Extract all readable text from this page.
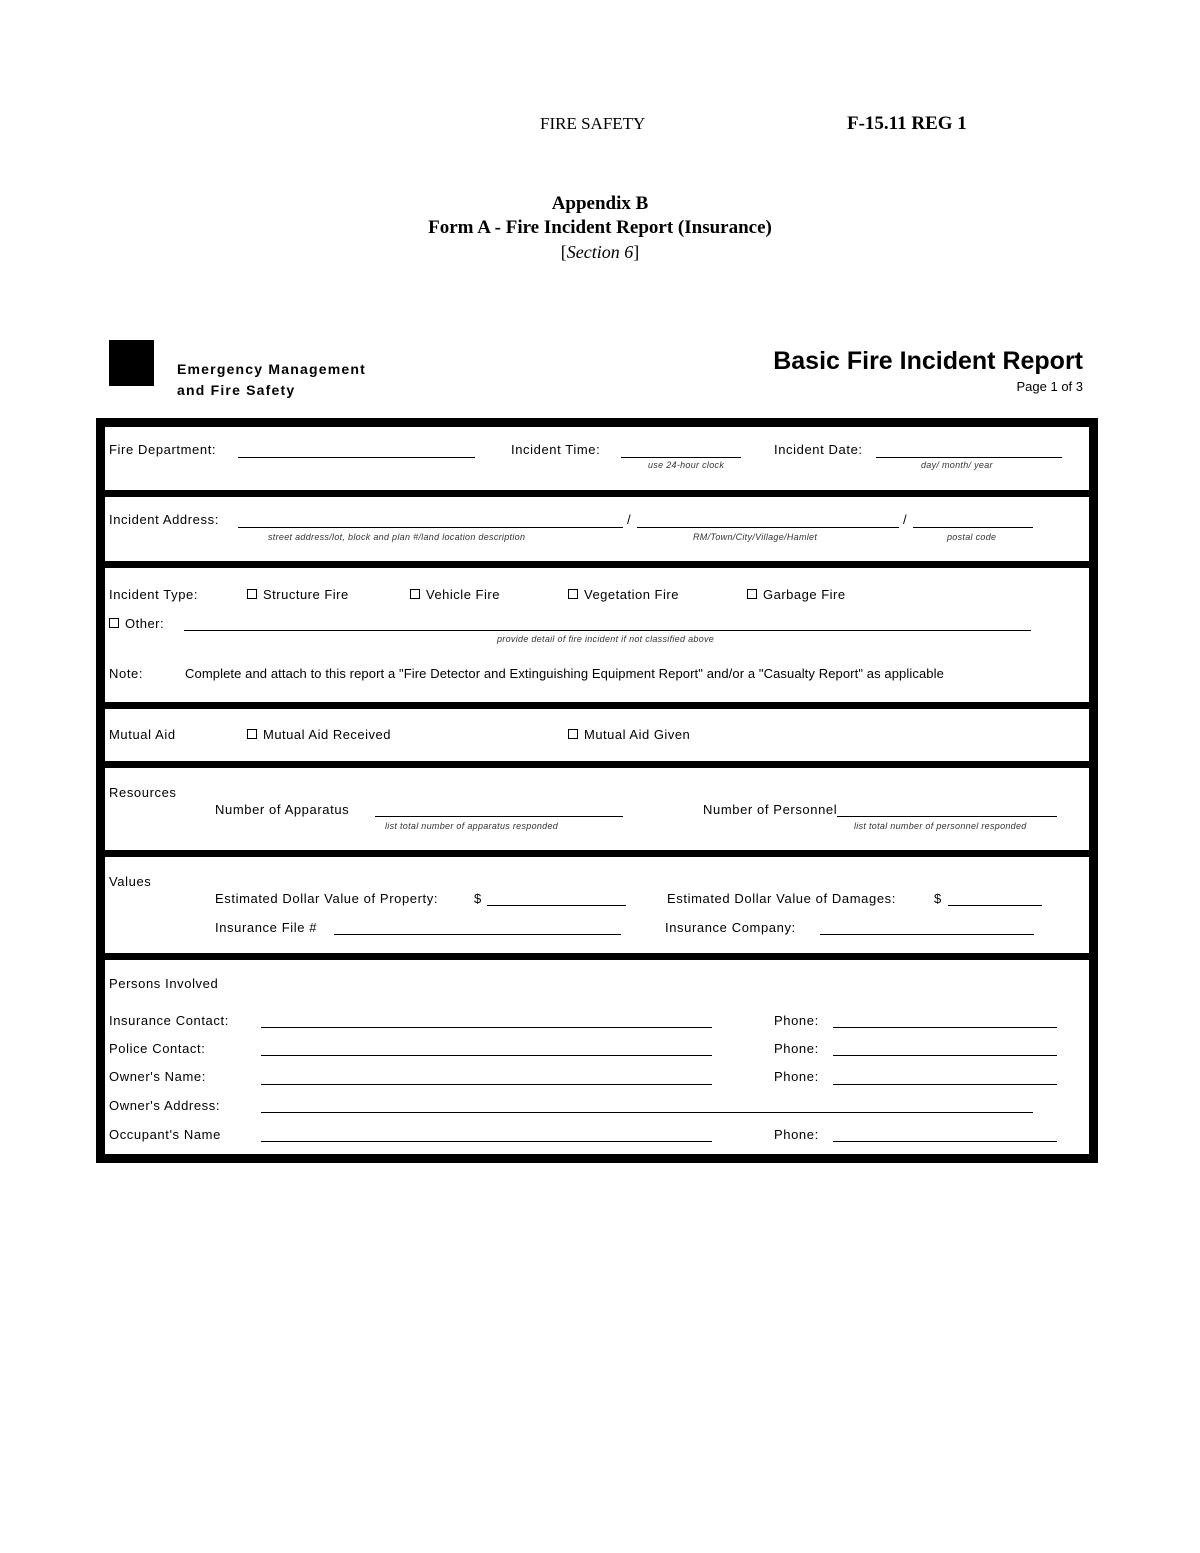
FIRE SAFETY	F-15.11 REG 1
Appendix B
Form A - Fire Incident Report (Insurance)
[Section 6]
Emergency Management
and Fire Safety
Basic Fire Incident Report
Page 1 of 3
Fire Department:	Incident Time:
use 24-hour clock
Incident Date:
day/ month/ year
Incident Address:	/	/
street address/lot, block and plan #/land location description	RM/Town/City/Village/Hamlet	postal code
Incident Type:	Structure Fire	Vehicle Fire	Vegetation Fire	Garbage Fire
Other:
provide detail of fire incident if not classified above
Note:	Complete and attach to this report a "Fire Detector and Extinguishing Equipment Report" and/or a "Casualty Report" as applicable
Mutual Aid	Mutual Aid Received	Mutual Aid Given
Resources
Number of Apparatus
list total number of apparatus responded
Number of Personnel
list total number of personnel responded
Values
Estimated Dollar Value of Property:	$	Estimated Dollar Value of Damages:	$
Insurance File #	Insurance Company:
Persons Involved
Insurance Contact:	Phone:
Police Contact:	Phone:
Owner's Name:	Phone:
Owner's Address:
Occupant's Name	Phone:
